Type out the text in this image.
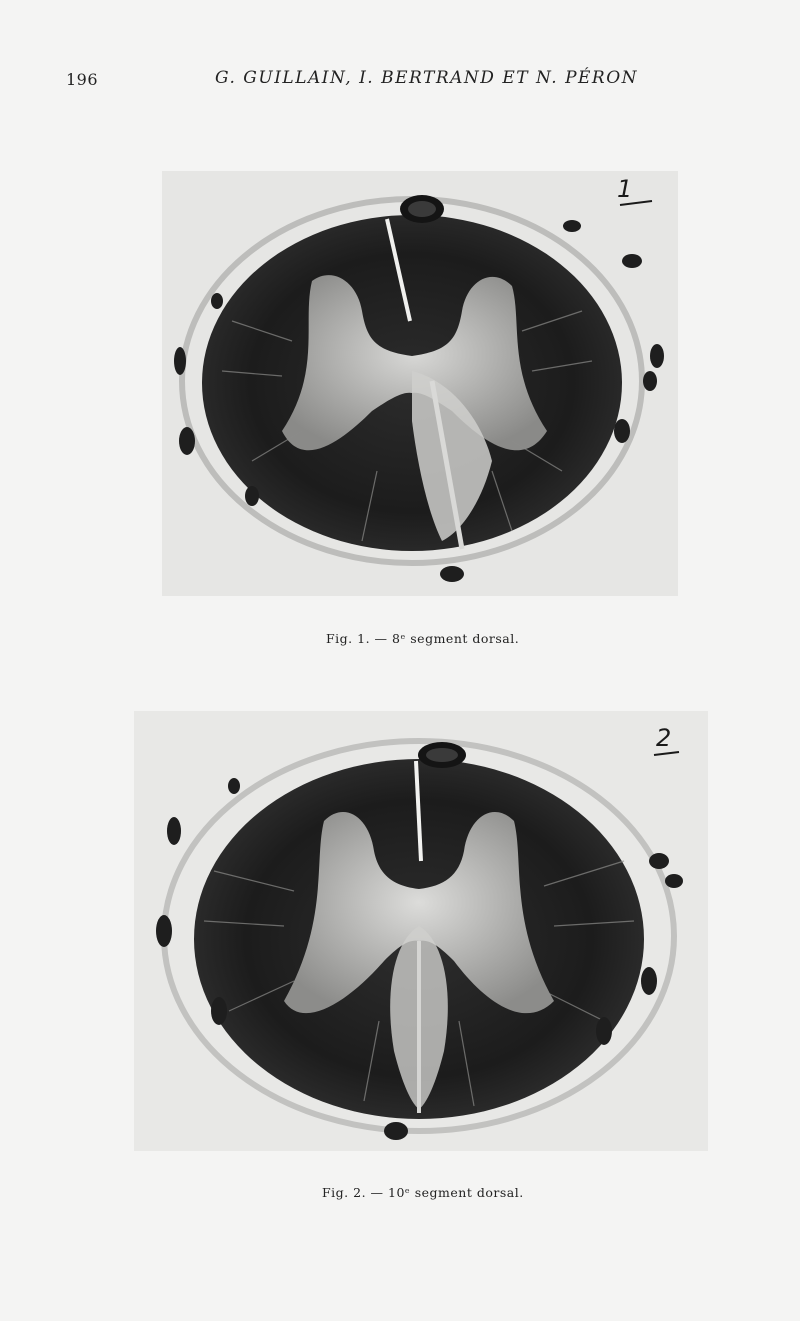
196	G. GUILLAIN, I. BERTRAND ET N. PÉRON
1
Fig. 1. — 8ᵉ segment dorsal.
2
Fig. 2. — 10ᵉ segment dorsal.
